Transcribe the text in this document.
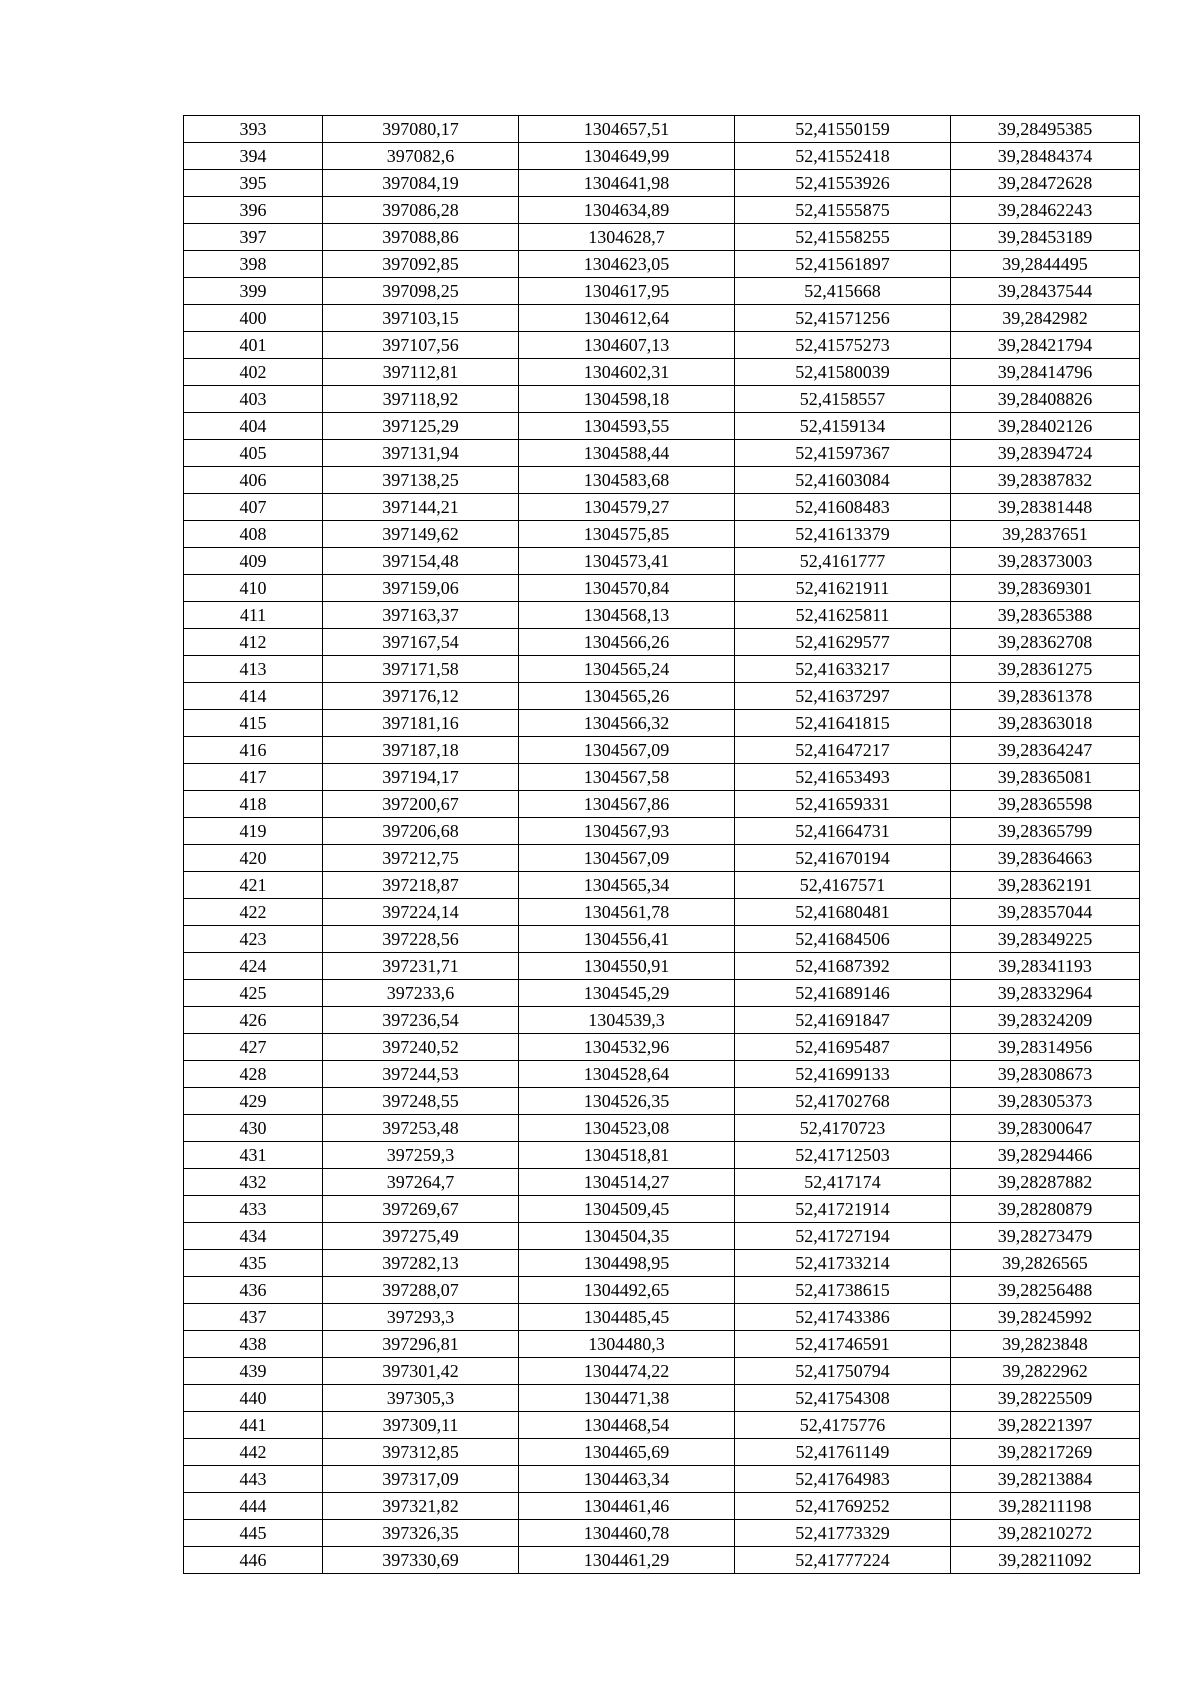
393	397080,17	1304657,51	52,41550159	39,28495385
394	397082,6	1304649,99	52,41552418	39,28484374
395	397084,19	1304641,98	52,41553926	39,28472628
396	397086,28	1304634,89	52,41555875	39,28462243
397	397088,86	1304628,7	52,41558255	39,28453189
398	397092,85	1304623,05	52,41561897	39,2844495
399	397098,25	1304617,95	52,415668	39,28437544
400	397103,15	1304612,64	52,41571256	39,2842982
401	397107,56	1304607,13	52,41575273	39,28421794
402	397112,81	1304602,31	52,41580039	39,28414796
403	397118,92	1304598,18	52,4158557	39,28408826
404	397125,29	1304593,55	52,4159134	39,28402126
405	397131,94	1304588,44	52,41597367	39,28394724
406	397138,25	1304583,68	52,41603084	39,28387832
407	397144,21	1304579,27	52,41608483	39,28381448
408	397149,62	1304575,85	52,41613379	39,2837651
409	397154,48	1304573,41	52,4161777	39,28373003
410	397159,06	1304570,84	52,41621911	39,28369301
411	397163,37	1304568,13	52,41625811	39,28365388
412	397167,54	1304566,26	52,41629577	39,28362708
413	397171,58	1304565,24	52,41633217	39,28361275
414	397176,12	1304565,26	52,41637297	39,28361378
415	397181,16	1304566,32	52,41641815	39,28363018
416	397187,18	1304567,09	52,41647217	39,28364247
417	397194,17	1304567,58	52,41653493	39,28365081
418	397200,67	1304567,86	52,41659331	39,28365598
419	397206,68	1304567,93	52,41664731	39,28365799
420	397212,75	1304567,09	52,41670194	39,28364663
421	397218,87	1304565,34	52,4167571	39,28362191
422	397224,14	1304561,78	52,41680481	39,28357044
423	397228,56	1304556,41	52,41684506	39,28349225
424	397231,71	1304550,91	52,41687392	39,28341193
425	397233,6	1304545,29	52,41689146	39,28332964
426	397236,54	1304539,3	52,41691847	39,28324209
427	397240,52	1304532,96	52,41695487	39,28314956
428	397244,53	1304528,64	52,41699133	39,28308673
429	397248,55	1304526,35	52,41702768	39,28305373
430	397253,48	1304523,08	52,4170723	39,28300647
431	397259,3	1304518,81	52,41712503	39,28294466
432	397264,7	1304514,27	52,417174	39,28287882
433	397269,67	1304509,45	52,41721914	39,28280879
434	397275,49	1304504,35	52,41727194	39,28273479
435	397282,13	1304498,95	52,41733214	39,2826565
436	397288,07	1304492,65	52,41738615	39,28256488
437	397293,3	1304485,45	52,41743386	39,28245992
438	397296,81	1304480,3	52,41746591	39,2823848
439	397301,42	1304474,22	52,41750794	39,2822962
440	397305,3	1304471,38	52,41754308	39,28225509
441	397309,11	1304468,54	52,4175776	39,28221397
442	397312,85	1304465,69	52,41761149	39,28217269
443	397317,09	1304463,34	52,41764983	39,28213884
444	397321,82	1304461,46	52,41769252	39,28211198
445	397326,35	1304460,78	52,41773329	39,28210272
446	397330,69	1304461,29	52,41777224	39,28211092
